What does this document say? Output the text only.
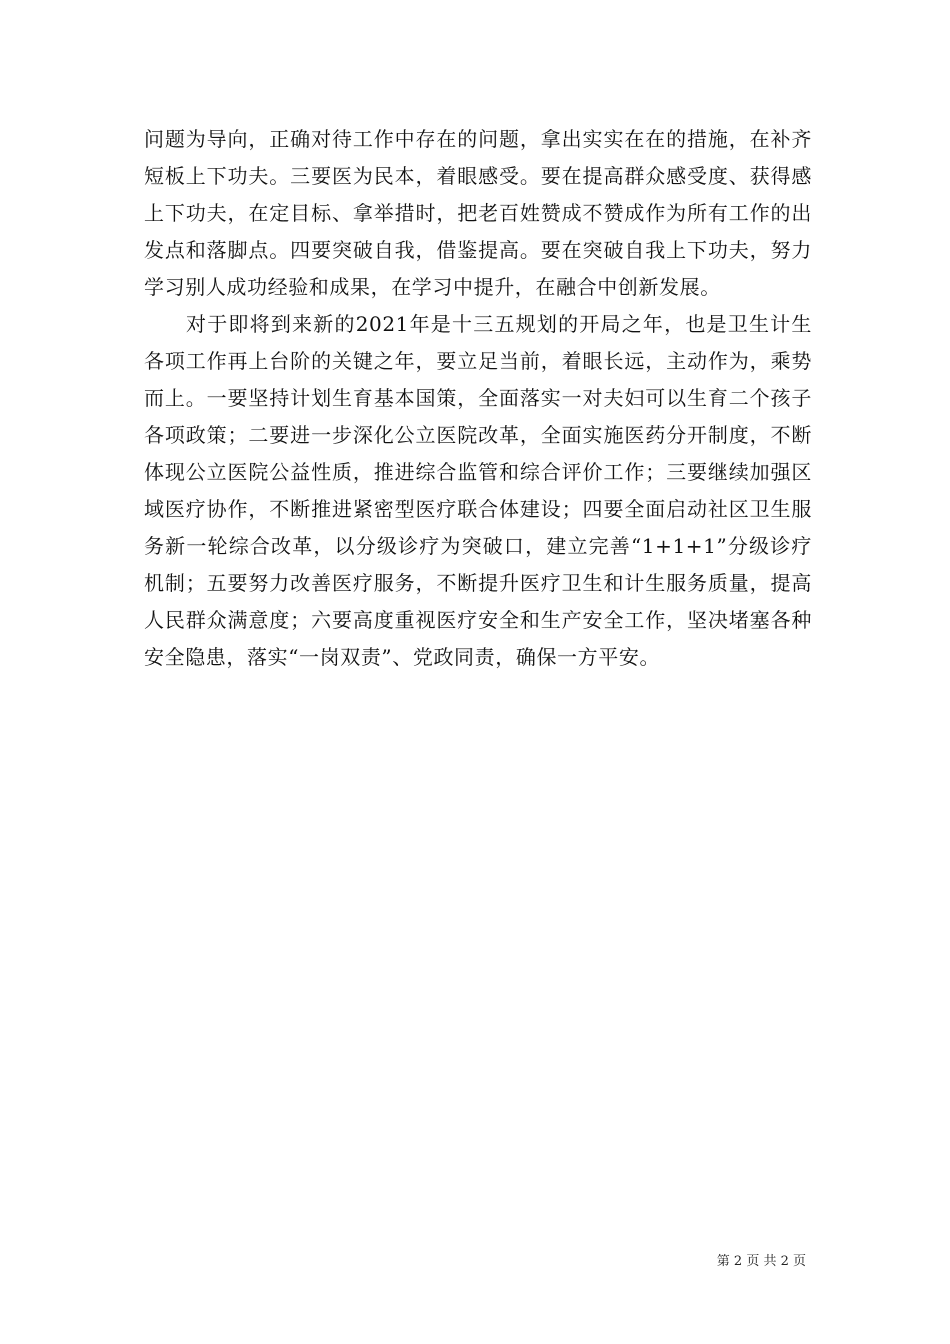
问题为导向，正确对待工作中存在的问题，拿出实实在在的措施，在补齐短板上下功夫。三要医为民本，着眼感受。要在提高群众感受度、获得感上下功夫，在定目标、拿举措时，把老百姓赞成不赞成作为所有工作的出发点和落脚点。四要突破自我，借鉴提高。要在突破自我上下功夫，努力学习别人成功经验和成果，在学习中提升，在融合中创新发展。

对于即将到来新的2021年是十三五规划的开局之年，也是卫生计生各项工作再上台阶的关键之年，要立足当前，着眼长远，主动作为，乘势而上。一要坚持计划生育基本国策，全面落实一对夫妇可以生育二个孩子各项政策；二要进一步深化公立医院改革，全面实施医药分开制度，不断体现公立医院公益性质，推进综合监管和综合评价工作；三要继续加强区域医疗协作，不断推进紧密型医疗联合体建设；四要全面启动社区卫生服务新一轮综合改革，以分级诊疗为突破口，建立完善“1+1+1”分级诊疗机制；五要努力改善医疗服务，不断提升医疗卫生和计生服务质量，提高人民群众满意度；六要高度重视医疗安全和生产安全工作，坚决堵塞各种安全隐患，落实“一岗双责”、党政同责，确保一方平安。

第 2 页 共 2 页
